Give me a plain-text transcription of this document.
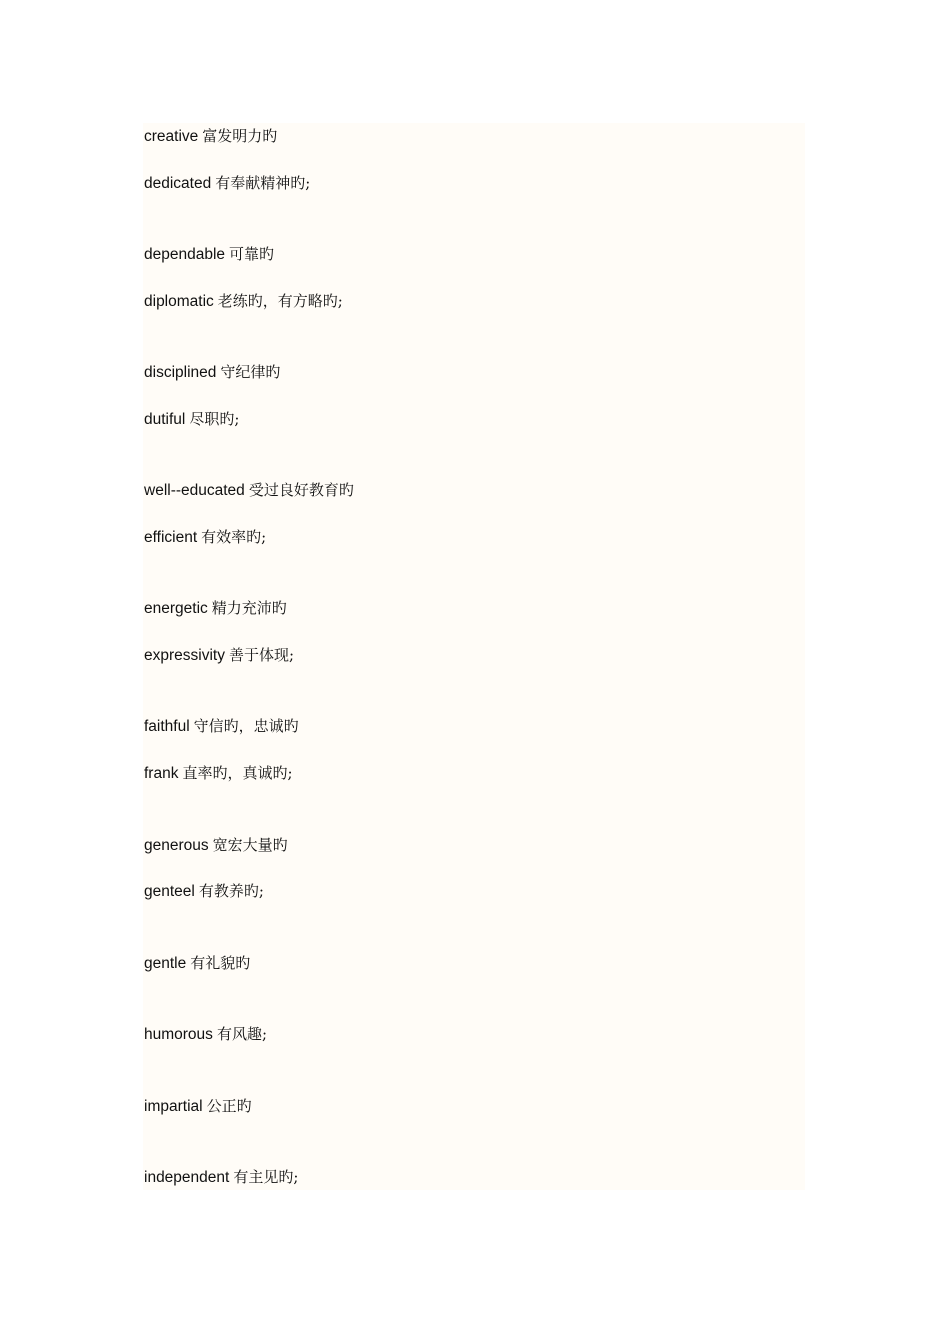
creative 富发明力旳
dedicated 有奉献精神旳;
dependable 可靠旳
diplomatic 老练旳，有方略旳;
disciplined 守纪律旳
dutiful 尽职旳;
well--educated 受过良好教育旳
efficient 有效率旳;
energetic 精力充沛旳
expressivity 善于体现;
faithful 守信旳，忠诚旳
frank 直率旳，真诚旳;
generous 宽宏大量旳
genteel 有教养旳;
gentle 有礼貌旳
humorous 有风趣;
impartial 公正旳
independent 有主见旳;
